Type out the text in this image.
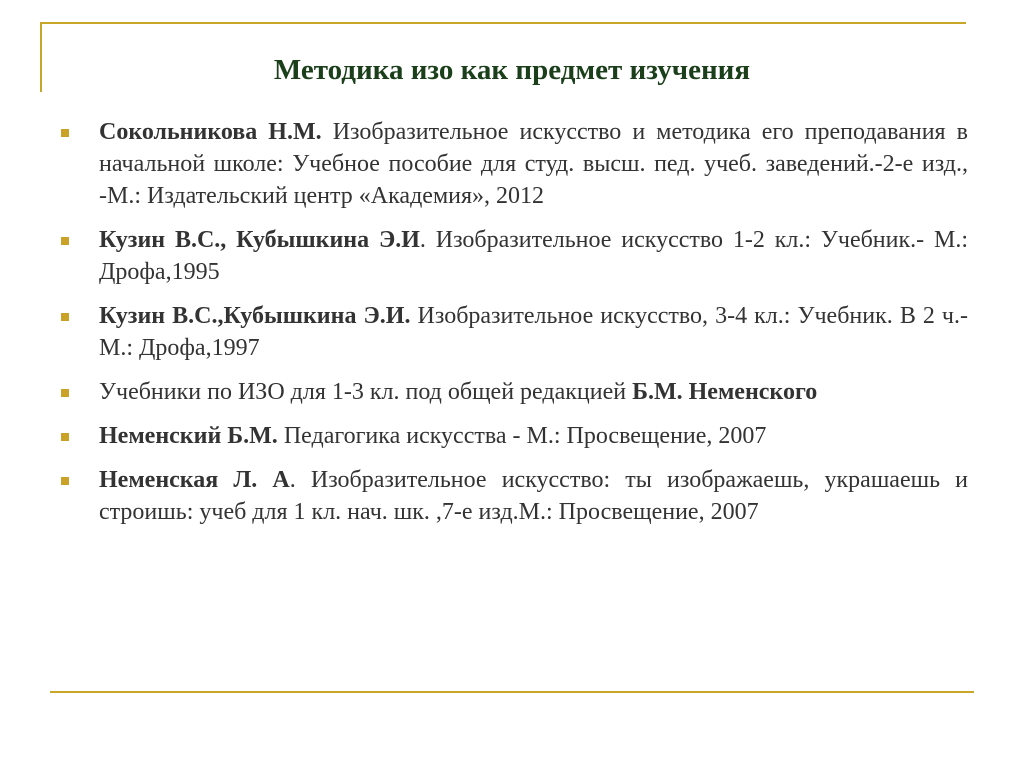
Методика изо как предмет изучения
Сокольникова Н.М. Изобразительное искусство и методика его преподавания в начальной школе: Учебное пособие для студ. высш. пед. учеб. заведений.-2-е изд., -М.: Издательский центр «Академия», 2012
Кузин В.С., Кубышкина Э.И. Изобразительное искусство 1-2 кл.: Учебник.- М.: Дрофа,1995
Кузин В.С.,Кубышкина Э.И. Изобразительное искусство, 3-4 кл.: Учебник. В 2 ч.- М.: Дрофа,1997
Учебники по ИЗО для 1-3 кл. под общей редакцией Б.М. Неменского
Неменский Б.М. Педагогика искусства - М.: Просвещение, 2007
Неменская Л. А. Изобразительное искусство: ты изображаешь, украшаешь и строишь: учеб для 1 кл. нач. шк. ,7-е изд.М.: Просвещение, 2007
